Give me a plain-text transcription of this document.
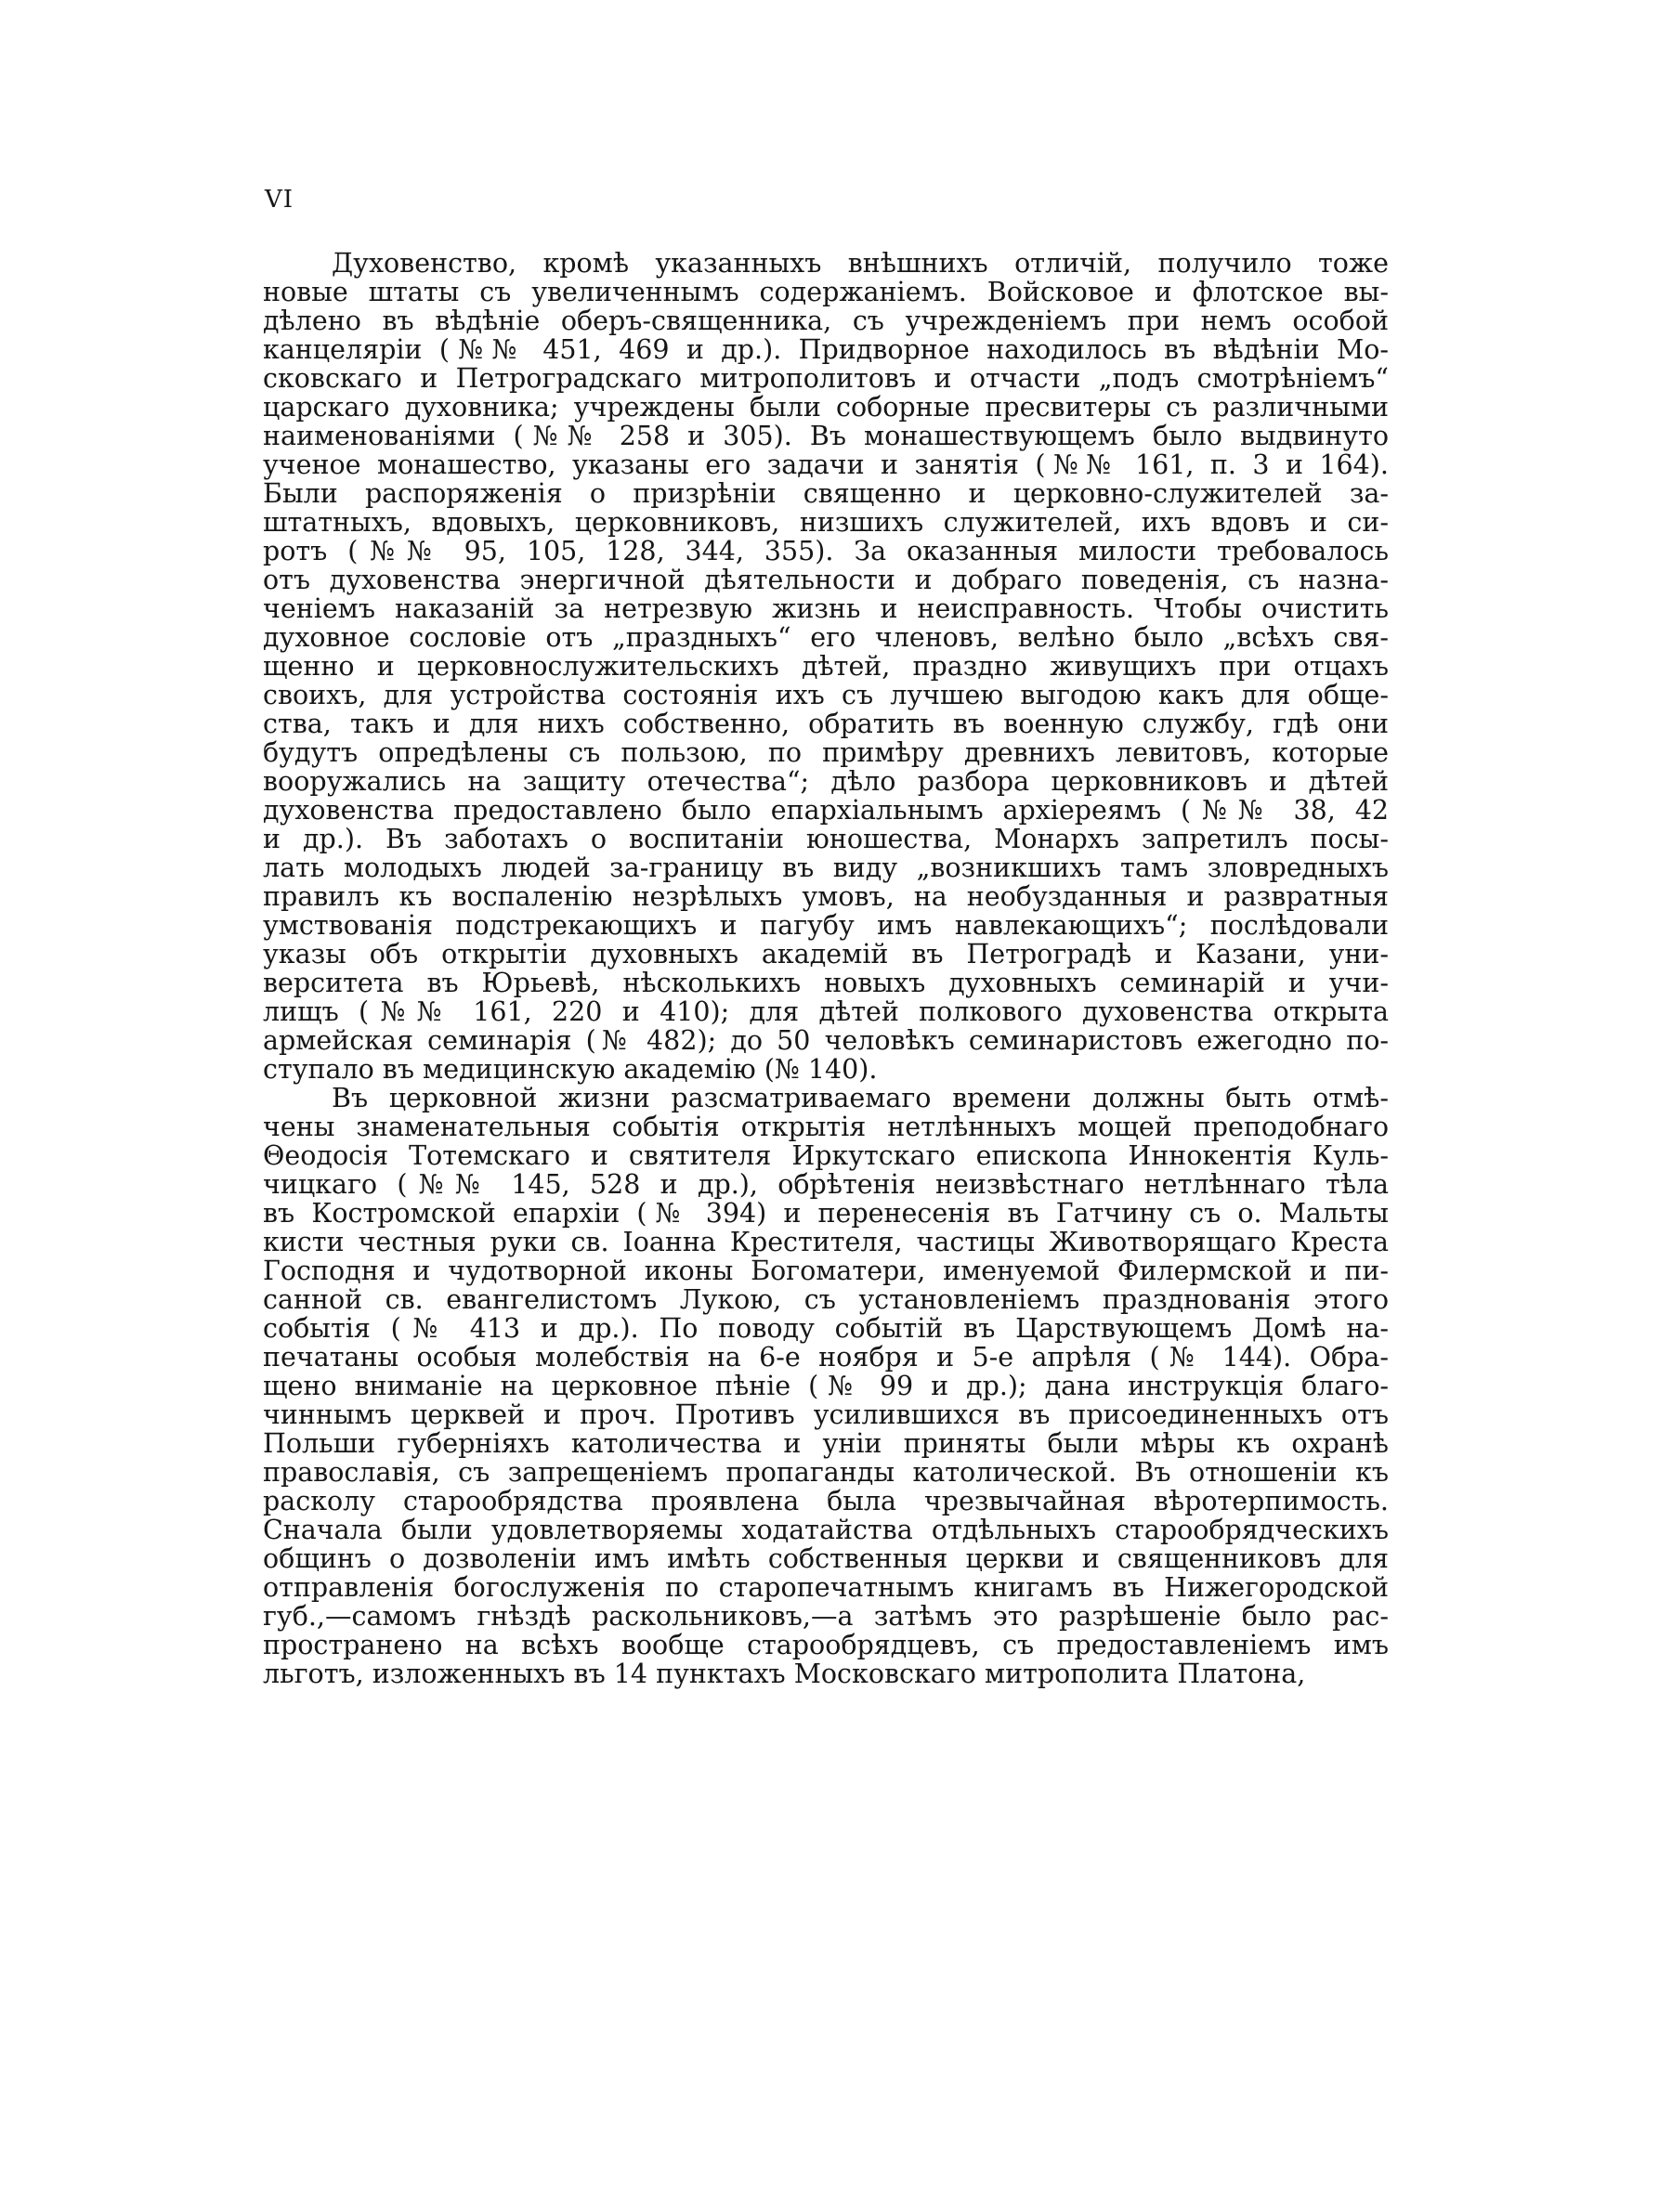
VI
Духовенство, кромѣ указанныхъ внѣшнихъ отличій, получило тоже
новые штаты съ увеличеннымъ содержаніемъ. Войсковое и флотское вы-
дѣлено въ вѣдѣніе оберъ-священника, съ учрежденіемъ при немъ особой
канцеляріи (№№ 451, 469 и др.). Придворное находилось въ вѣдѣніи Мо-
сковскаго и Петроградскаго митрополитовъ и отчасти „подъ смотрѣніемъ“
царскаго духовника; учреждены были соборные пресвитеры съ различными
наименованіями (№№ 258 и 305). Въ монашествующемъ было выдвинуто
ученое монашество, указаны его задачи и занятія (№№ 161, п. 3 и 164).
Были распоряженія о призрѣніи священно и церковно-служителей за-
штатныхъ, вдовыхъ, церковниковъ, низшихъ служителей, ихъ вдовъ и си-
ротъ (№№ 95, 105, 128, 344, 355). За оказанныя милости требовалось
отъ духовенства энергичной дѣятельности и добраго поведенія, съ назна-
ченіемъ наказаній за нетрезвую жизнь и неисправность. Чтобы очистить
духовное сословіе отъ „праздныхъ“ его членовъ, велѣно было „всѣхъ свя-
щенно и церковнослужительскихъ дѣтей, праздно живущихъ при отцахъ
своихъ, для устройства состоянія ихъ съ лучшею выгодою какъ для обще-
ства, такъ и для нихъ собственно, обратить въ военную службу, гдѣ они
будутъ опредѣлены съ пользою, по примѣру древнихъ левитовъ, которые
вооружались на защиту отечества“; дѣло разбора церковниковъ и дѣтей
духовенства предоставлено было епархіальнымъ архіереямъ (№№ 38, 42
и др.). Въ заботахъ о воспитаніи юношества, Монархъ запретилъ посы-
лать молодыхъ людей за-границу въ виду „возникшихъ тамъ зловредныхъ
правилъ къ воспаленію незрѣлыхъ умовъ, на необузданныя и развратныя
умствованія подстрекающихъ и пагубу имъ навлекающихъ“; послѣдовали
указы объ открытіи духовныхъ академій въ Петроградѣ и Казани, уни-
верситета въ Юрьевѣ, нѣсколькихъ новыхъ духовныхъ семинарій и учи-
лищъ (№№ 161, 220 и 410); для дѣтей полкового духовенства открыта
армейская семинарія (№ 482); до 50 человѣкъ семинаристовъ ежегодно по-
ступало въ медицинскую академію (№ 140).
Въ церковной жизни разсматриваемаго времени должны быть отмѣ-
чены знаменательныя событія открытія нетлѣнныхъ мощей преподобнаго
Θеодосія Тотемскаго и святителя Иркутскаго епископа Иннокентія Куль-
чицкаго (№№ 145, 528 и др.), обрѣтенія неизвѣстнаго нетлѣннаго тѣла
въ Костромской епархіи (№ 394) и перенесенія въ Гатчину съ о. Мальты
кисти честныя руки св. Іоанна Крестителя, частицы Животворящаго Креста
Господня и чудотворной иконы Богоматери, именуемой Филермской и пи-
санной св. евангелистомъ Лукою, съ установленіемъ празднованія этого
событія (№ 413 и др.). По поводу событій въ Царствующемъ Домѣ на-
печатаны особыя молебствія на 6-е ноября и 5-е апрѣля (№ 144). Обра-
щено вниманіе на церковное пѣніе (№ 99 и др.); дана инструкція благо-
чиннымъ церквей и проч. Противъ усилившихся въ присоединенныхъ отъ
Польши губерніяхъ католичества и уніи приняты были мѣры къ охранѣ
православія, съ запрещеніемъ пропаганды католической. Въ отношеніи къ
расколу старообрядства проявлена была чрезвычайная вѣротерпимость.
Сначала были удовлетворяемы ходатайства отдѣльныхъ старообрядческихъ
общинъ о дозволеніи имъ имѣть собственныя церкви и священниковъ для
отправленія богослуженія по старопечатнымъ книгамъ въ Нижегородской
губ.,—самомъ гнѣздѣ раскольниковъ,—а затѣмъ это разрѣшеніе было рас-
пространено на всѣхъ вообще старообрядцевъ, съ предоставленіемъ имъ
льготъ, изложенныхъ въ 14 пунктахъ Московскаго митрополита Платона,
